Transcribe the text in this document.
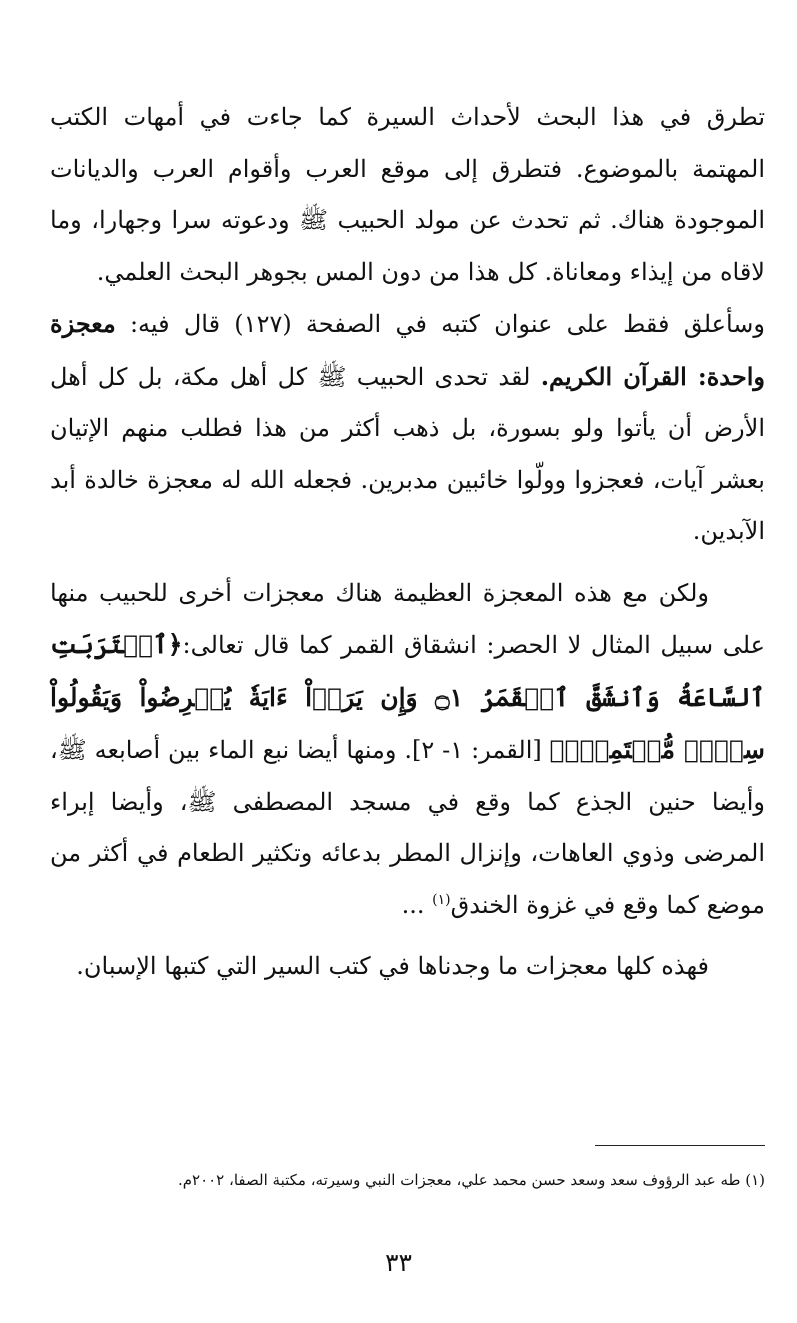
تطرق في هذا البحث لأحداث السيرة كما جاءت في أمهات الكتب المهتمة بالموضوع. فتطرق إلى موقع العرب وأقوام العرب والديانات الموجودة هناك. ثم تحدث عن مولد الحبيب ﷺ ودعوته سرا وجهارا، وما لاقاه من إيذاء ومعاناة. كل هذا من دون المس بجوهر البحث العلمي.

وسأعلق فقط على عنوان كتبه في الصفحة (١٢٧) قال فيه: معجزة واحدة: القرآن الكريم. لقد تحدى الحبيب ﷺ كل أهل مكة، بل كل أهل الأرض أن يأتوا ولو بسورة، بل ذهب أكثر من هذا فطلب منهم الإتيان بعشر آيات، فعجزوا وولّوا خائبين مدبرين. فجعله الله له معجزة خالدة أبد الآبدين.

ولكن مع هذه المعجزة العظيمة هناك معجزات أخرى للحبيب منها على سبيل المثال لا الحصر: انشقاق القمر كما قال تعالى:﴿ٱقۡتَرَبَتِ ٱلسَّاعَةُ وَٱنشَقَّ ٱلۡقَمَرُ ۝١ وَإِن يَرَوۡاْ ءَايَةٗ يُعۡرِضُواْ وَيَقُولُواْ سِحۡرٞ مُّسۡتَمِرّٞ﴾ [القمر: ١- ٢]. ومنها أيضا نبع الماء بين أصابعه ﷺ، وأيضا حنين الجذع كما وقع في مسجد المصطفى ﷺ، وأيضا إبراء المرضى وذوي العاهات، وإنزال المطر بدعائه وتكثير الطعام في أكثر من موضع كما وقع في غزوة الخندق$^{(١)}$ ...

فهذه كلها معجزات ما وجدناها في كتب السير التي كتبها الإسبان.

(١) طه عبد الرؤوف سعد وسعد حسن محمد علي، معجزات النبي وسيرته، مكتبة الصفا، ٢٠٠٢م.
٣٣
